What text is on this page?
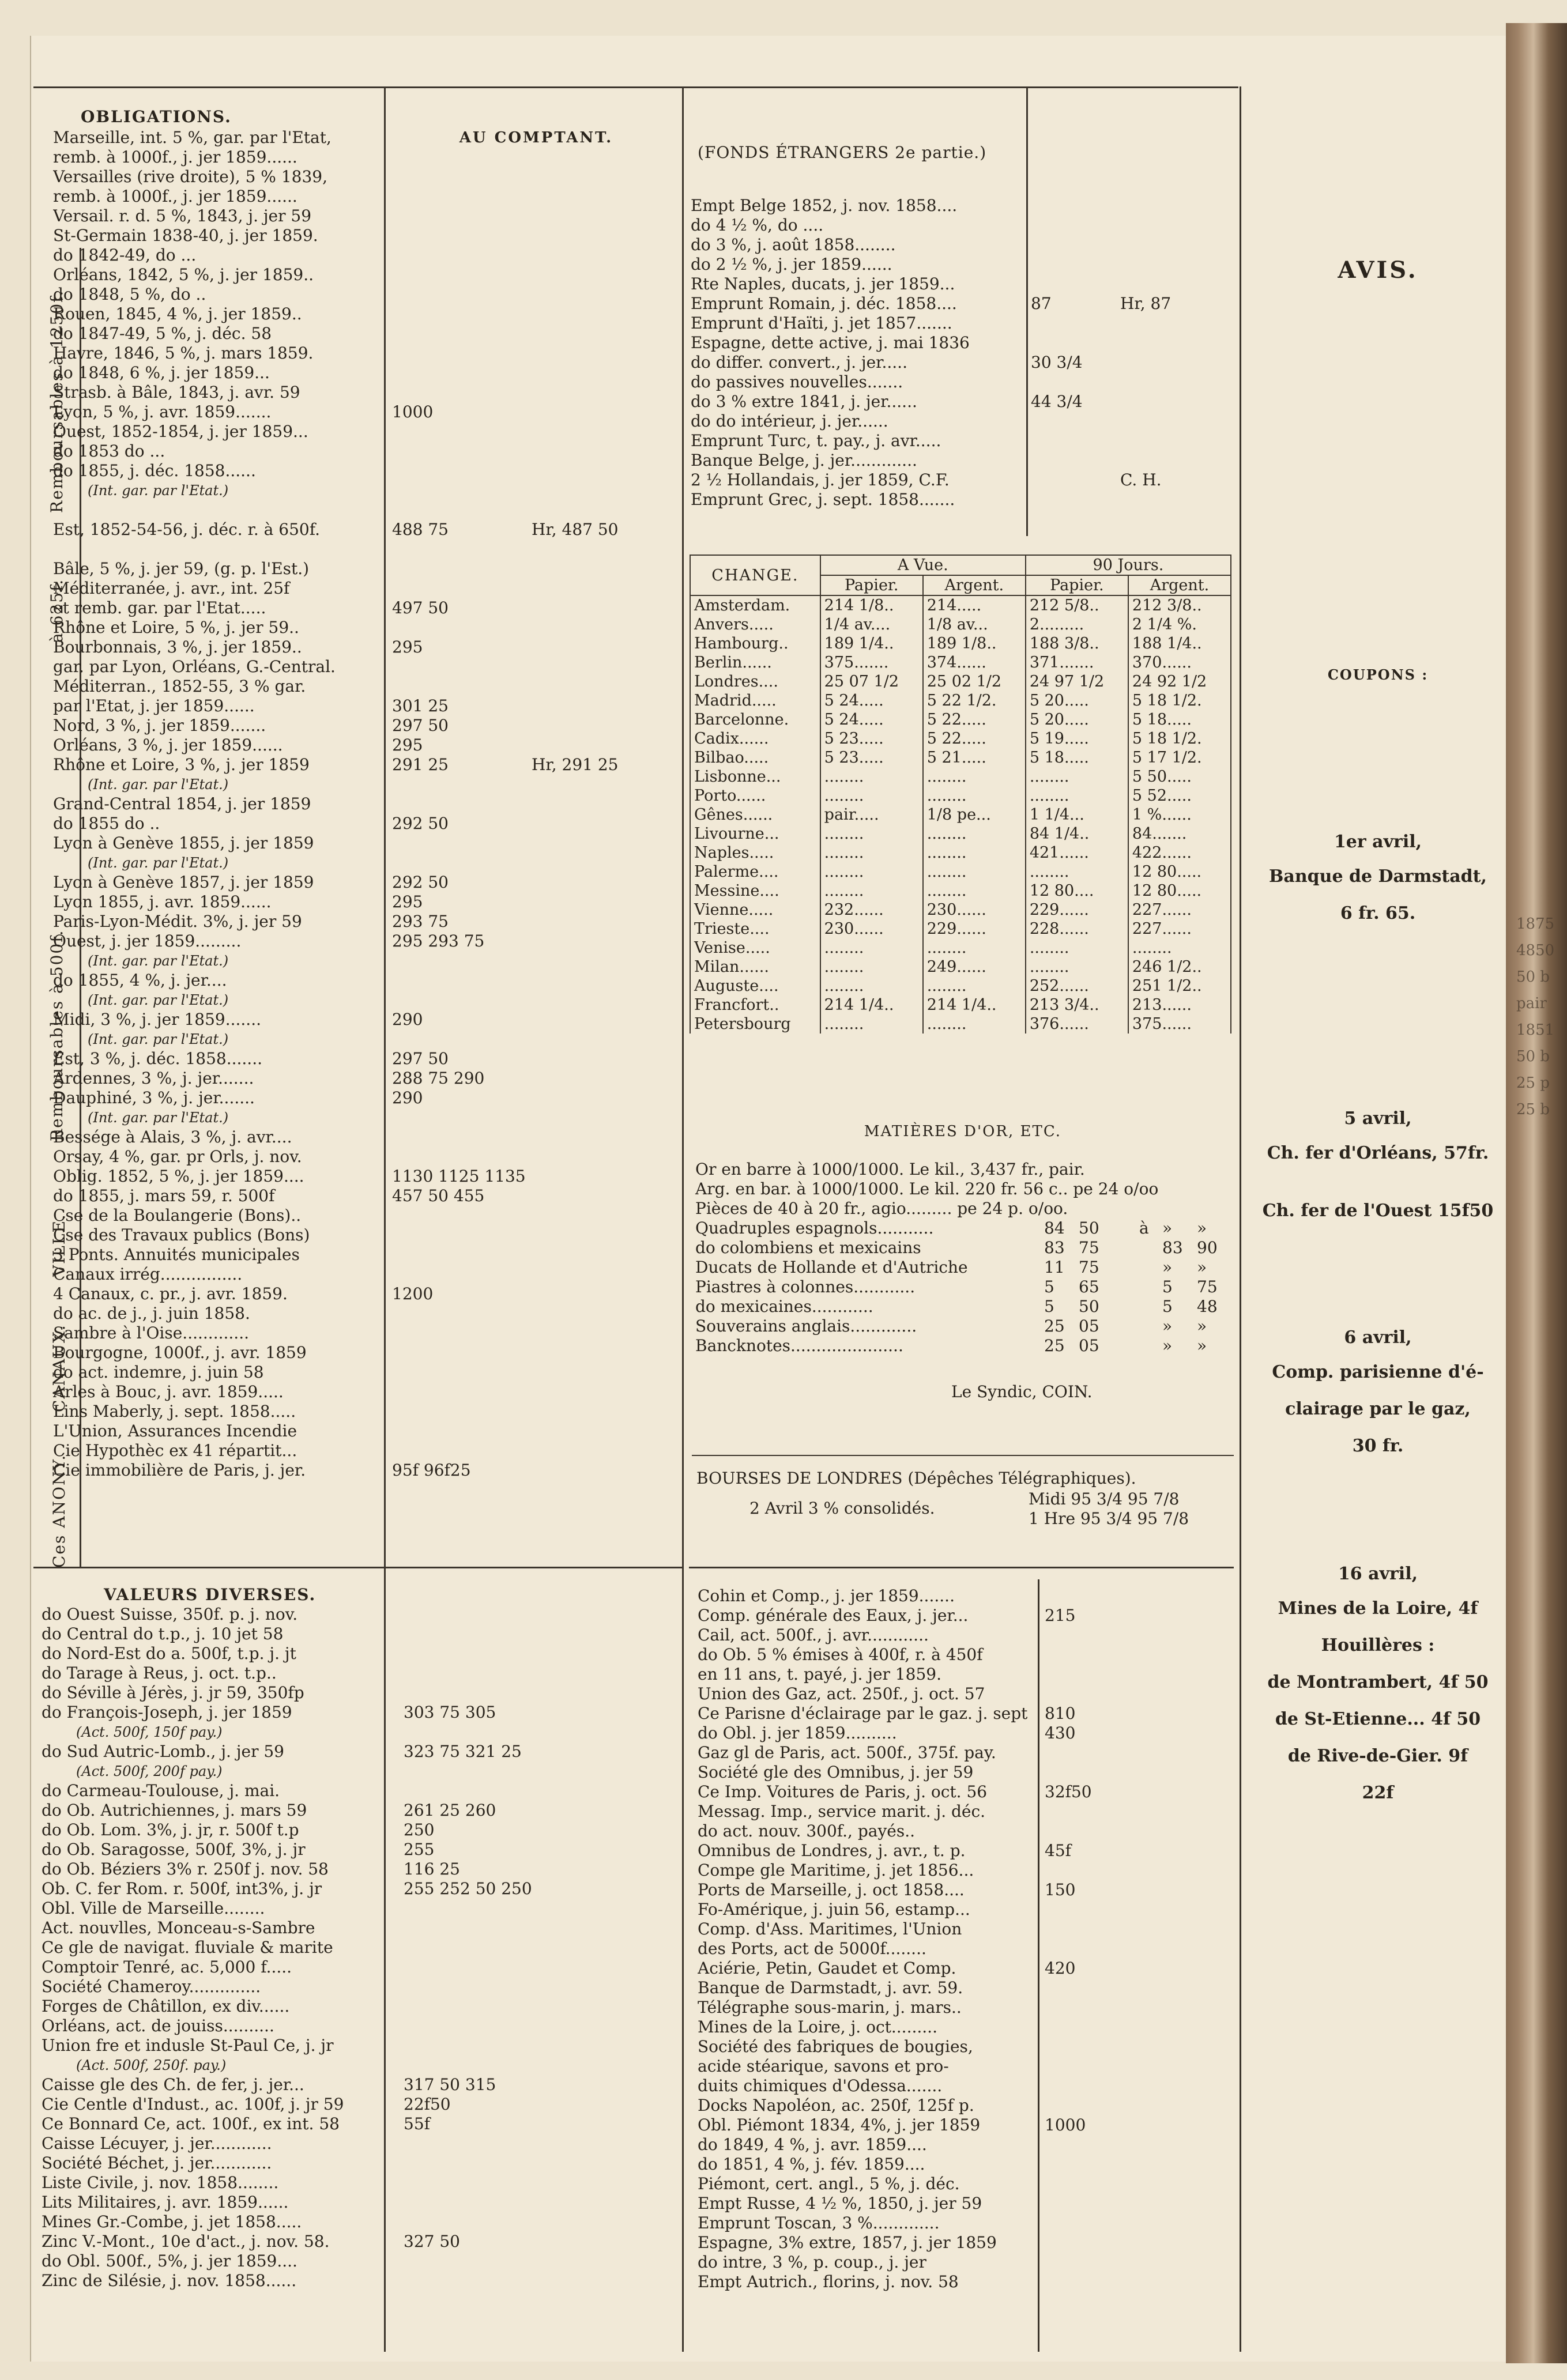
1875
4850
50 b
pair
1851
50 b
25 p
25 b
Remboursables à 1250f.
à 625f.
Remboursables à 500f.
VILLE.
CANAUX.
Ces ANONY.
OBLIGATIONS.
AU COMPTANT.
Marseille, int. 5 %, gar. par l'Etat,
remb. à 1000f., j. jer 1859......
Versailles (rive droite), 5 % 1839,
remb. à 1000f., j. jer 1859......
Versail. r. d. 5 %, 1843, j. jer 59
St-Germain 1838-40, j. jer 1859.
do 1842-49, do ...
Orléans, 1842, 5 %, j. jer 1859..
do 1848, 5 %, do ..
Rouen, 1845, 4 %, j. jer 1859..
do 1847-49, 5 %, j. déc. 58
Havre, 1846, 5 %, j. mars 1859.
do 1848, 6 %, j. jer 1859...
Strasb. à Bâle, 1843, j. avr. 59
Lyon, 5 %, j. avr. 1859.......	1000
Ouest, 1852-1854, j. jer 1859...
do 1853 do ...
do 1855, j. déc. 1858......
(Int. gar. par l'Etat.)
Est, 1852-54-56, j. déc. r. à 650f.	488 75	Hr, 487 50
Bâle, 5 %, j. jer 59, (g. p. l'Est.)
Méditerranée, j. avr., int. 25f
et remb. gar. par l'Etat.....	497 50
Rhône et Loire, 5 %, j. jer 59..
Bourbonnais, 3 %, j. jer 1859..	295
gar. par Lyon, Orléans, G.-Central.
Méditerran., 1852-55, 3 % gar.
par l'Etat, j. jer 1859......	301 25
Nord, 3 %, j. jer 1859.......	297 50
Orléans, 3 %, j. jer 1859......	295
Rhône et Loire, 3 %, j. jer 1859	291 25	Hr, 291 25
(Int. gar. par l'Etat.)
Grand-Central 1854, j. jer 1859
do 1855 do ..	292 50
Lyon à Genève 1855, j. jer 1859
(Int. gar. par l'Etat.)
Lyon à Genève 1857, j. jer 1859	292 50
Lyon 1855, j. avr. 1859......	295
Paris-Lyon-Médit. 3%, j. jer 59	293 75
Ouest, j. jer 1859.........	295 293 75
(Int. gar. par l'Etat.)
do 1855, 4 %, j. jer....
(Int. gar. par l'Etat.)
Midi, 3 %, j. jer 1859.......	290
(Int. gar. par l'Etat.)
Est, 3 %, j. déc. 1858.......	297 50
Ardennes, 3 %, j. jer.......	288 75 290
Dauphiné, 3 %, j. jer.......	290
(Int. gar. par l'Etat.)
Bessége à Alais, 3 %, j. avr....
Orsay, 4 %, gar. pr Orls, j. nov.
Oblig. 1852, 5 %, j. jer 1859....	1130 1125 1135
do 1855, j. mars 59, r. 500f	457 50 455
Cse de la Boulangerie (Bons)..
Cse des Travaux publics (Bons)
3 Ponts. Annuités municipales
Canaux irrég................
4 Canaux, c. pr., j. avr. 1859.	1200
do ac. de j., j. juin 1858.
Sambre à l'Oise.............
Bourgogne, 1000f., j. avr. 1859
do act. indemre, j. juin 58
Arles à Bouc, j. avr. 1859.....
Lins Maberly, j. sept. 1858.....
L'Union, Assurances Incendie
Cie Hypothèc ex 41 répartit...
Cie immobilière de Paris, j. jer.	95f 96f25
VALEURS DIVERSES.
do Ouest Suisse, 350f. p. j. nov.
do Central do t.p., j. 10 jet 58
do Nord-Est do a. 500f, t.p. j. jt
do Tarage à Reus, j. oct. t.p..
do Séville à Jérès, j. jr 59, 350fp
do François-Joseph, j. jer 1859	303 75 305
(Act. 500f, 150f pay.)
do Sud Autric-Lomb., j. jer 59	323 75 321 25
(Act. 500f, 200f pay.)
do Carmeau-Toulouse, j. mai.
do Ob. Autrichiennes, j. mars 59	261 25 260
do Ob. Lom. 3%, j. jr, r. 500f t.p	250
do Ob. Saragosse, 500f, 3%, j. jr	255
do Ob. Béziers 3% r. 250f j. nov. 58	116 25
Ob. C. fer Rom. r. 500f, int3%, j. jr	255 252 50 250
Obl. Ville de Marseille........
Act. nouvlles, Monceau-s-Sambre
Ce gle de navigat. fluviale & marite
Comptoir Tenré, ac. 5,000 f.....
Société Chameroy..............
Forges de Châtillon, ex div......
Orléans, act. de jouiss..........
Union fre et indusle St-Paul Ce, j. jr
(Act. 500f, 250f. pay.)
Caisse gle des Ch. de fer, j. jer...	317 50 315
Cie Centle d'Indust., ac. 100f, j. jr 59	22f50
Ce Bonnard Ce, act. 100f., ex int. 58	55f
Caisse Lécuyer, j. jer............
Société Béchet, j. jer............
Liste Civile, j. nov. 1858........
Lits Militaires, j. avr. 1859......
Mines Gr.-Combe, j. jet 1858.....
Zinc V.-Mont., 10e d'act., j. nov. 58.	327 50
do Obl. 500f., 5%, j. jer 1859....
Zinc de Silésie, j. nov. 1858......
(FONDS ÉTRANGERS 2e partie.)
Empt Belge 1852, j. nov. 1858....
do 4 ½ %, do ....
do 3 %, j. août 1858........
do 2 ½ %, j. jer 1859......
Rte Naples, ducats, j. jer 1859...
Emprunt Romain, j. déc. 1858....	87	Hr, 87
Emprunt d'Haïti, j. jet 1857.......
Espagne, dette active, j. mai 1836
do differ. convert., j. jer.....	30 3/4
do passives nouvelles.......
do 3 % extre 1841, j. jer......	44 3/4
do do intérieur, j. jer......
Emprunt Turc, t. pay., j. avr.....
Banque Belge, j. jer.............
2 ½ Hollandais, j. jer 1859, C.F.	C. H.
Emprunt Grec, j. sept. 1858.......
CHANGE.	A Vue.		90 Jours.	
	Papier.	Argent.	Papier.	Argent.
Amsterdam.	214 1/8..	214.....	212 5/8..	212 3/8..
Anvers.....	1/4 av....	1/8 av...	2.........	2 1/4 %.
Hambourg..	189 1/4..	189 1/8..	188 3/8..	188 1/4..
Berlin......	375.......	374......	371.......	370......
Londres....	25 07 1/2	25 02 1/2	24 97 1/2	24 92 1/2
Madrid.....	5 24.....	5 22 1/2.	5 20.....	5 18 1/2.
Barcelonne.	5 24.....	5 22.....	5 20.....	5 18.....
Cadix......	5 23.....	5 22.....	5 19.....	5 18 1/2.
Bilbao.....	5 23.....	5 21.....	5 18.....	5 17 1/2.
Lisbonne...	........	........	........	5 50.....
Porto......	........	........	........	5 52.....
Gênes......	pair.....	1/8 pe...	1 1/4...	1 %......
Livourne...	........	........	84 1/4..	84.......
Naples.....	........	........	421......	422......
Palerme....	........	........	........	12 80.....
Messine....	........	........	12 80....	12 80.....
Vienne.....	232......	230......	229......	227......
Trieste....	230......	229......	228......	227......
Venise.....	........	........	........	........
Milan......	........	249......	........	246 1/2..
Auguste....	........	........	252......	251 1/2..
Francfort..	214 1/4..	214 1/4..	213 3/4..	213......
Petersbourg	........	........	376......	375......
MATIÈRES D'OR, ETC.
Or en barre à 1000/1000. Le kil., 3,437 fr., pair.
Arg. en bar. à 1000/1000. Le kil. 220 fr. 56 c.. pe 24 o/oo
Pièces de 40 à 20 fr., agio......... pe 24 p. o/oo.
Quadruples espagnols...........	84 50 à » »
do colombiens et mexicains	83 75	83 90
Ducats de Hollande et d'Autriche	11 75	» »
Piastres à colonnes............	5 65	5 75
do mexicaines............	5 50	5 48
Souverains anglais.............	25 05	» »
Bancknotes......................	25 05	» »
Le Syndic, COIN.
BOURSES DE LONDRES (Dépêches Télégraphiques).
2 Avril 3 % consolidés.	Midi 95 3/4 95 7/8
1 Hre 95 3/4 95 7/8
Cohin et Comp., j. jer 1859.......
Comp. générale des Eaux, j. jer...	215
Cail, act. 500f., j. avr............
do Ob. 5 % émises à 400f, r. à 450f
en 11 ans, t. payé, j. jer 1859.
Union des Gaz, act. 250f., j. oct. 57
Ce Parisne d'éclairage par le gaz. j. sept	810
do Obl. j. jer 1859..........	430
Gaz gl de Paris, act. 500f., 375f. pay.
Société gle des Omnibus, j. jer 59
Ce Imp. Voitures de Paris, j. oct. 56	32f50
Messag. Imp., service marit. j. déc.
do act. nouv. 300f., payés..
Omnibus de Londres, j. avr., t. p.	45f
Compe gle Maritime, j. jet 1856...
Ports de Marseille, j. oct 1858....	150
Fo-Amérique, j. juin 56, estamp...
Comp. d'Ass. Maritimes, l'Union
des Ports, act de 5000f........
Aciérie, Petin, Gaudet et Comp.	420
Banque de Darmstadt, j. avr. 59.
Télégraphe sous-marin, j. mars..
Mines de la Loire, j. oct.........
Société des fabriques de bougies,
acide stéarique, savons et pro-
duits chimiques d'Odessa.......
Docks Napoléon, ac. 250f, 125f p.
Obl. Piémont 1834, 4%, j. jer 1859	1000
do 1849, 4 %, j. avr. 1859....
do 1851, 4 %, j. fév. 1859....
Piémont, cert. angl., 5 %, j. déc.
Empt Russe, 4 ½ %, 1850, j. jer 59
Emprunt Toscan, 3 %.............
Espagne, 3% extre, 1857, j. jer 1859
do intre, 3 %, p. coup., j. jer
Empt Autrich., florins, j. nov. 58
AVIS.
COUPONS :
1er avril,
Banque de Darmstadt,
6 fr. 65.
5 avril,
Ch. fer d'Orléans, 57fr.
Ch. fer de l'Ouest 15f50
6 avril,
Comp. parisienne d'é-
clairage par le gaz,
30 fr.
16 avril,
Mines de la Loire, 4f
Houillères :
de Montrambert, 4f 50
de St-Etienne... 4f 50
de Rive-de-Gier. 9f
22f
